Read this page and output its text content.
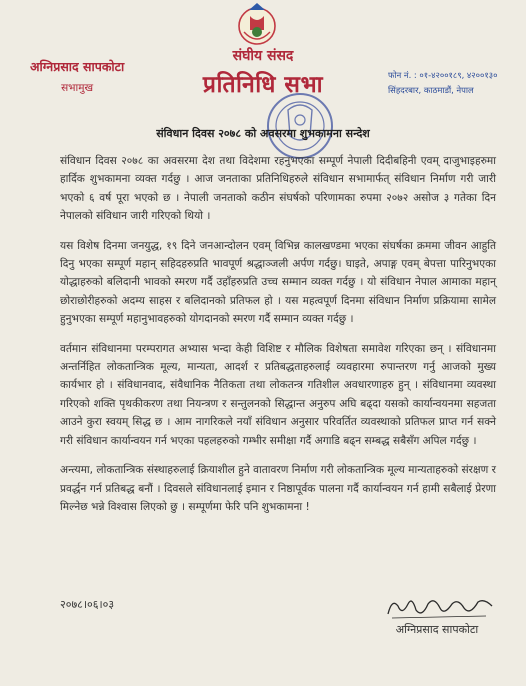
अग्निप्रसाद सापकोटा
सभामुख
संघीय संसद
प्रतिनिधि सभा	फोन नं. : ०१-४२००१८९, ४२००१३०
सिंहदरबार, काठमाडौं, नेपाल
संविधान दिवस २०७८ को अवसरमा शुभकामना सन्देश

संविधान दिवस २०७८ का अवसरमा देश तथा विदेशमा रहनुभएका सम्पूर्ण नेपाली दिदीबहिनी एवम् दाजुभाइहरुमा हार्दिक शुभकामना व्यक्त गर्दछु । आज जनताका प्रतिनिधिहरुले संविधान सभामार्फत् संविधान निर्माण गरी जारी भएको ६ वर्ष पूरा भएको छ । नेपाली जनताको कठीन संघर्षको परिणामका रुपमा २०७२ असोज ३ गतेका दिन नेपालको संविधान जारी गरिएको थियो ।

यस विशेष दिनमा जनयुद्ध, १९ दिने जनआन्दोलन एवम् विभिन्न कालखण्डमा भएका संघर्षका क्रममा जीवन आहुति दिनु भएका सम्पूर्ण महान् सहिदहरुप्रति भावपूर्ण श्रद्धाञ्जली अर्पण गर्दछु। घाइते, अपाङ्ग एवम् बेपत्ता पारिनुभएका योद्धाहरुको बलिदानी भावको स्मरण गर्दै उहाँहरुप्रति उच्च सम्मान व्यक्त गर्दछु । यो संविधान नेपाल आमाका महान् छोराछोरीहरुको अदम्य साहस र बलिदानको प्रतिफल हो । यस महत्वपूर्ण दिनमा संविधान निर्माण प्रक्रियामा सामेल हुनुभएका सम्पूर्ण महानुभावहरुको योगदानको स्मरण गर्दै सम्मान व्यक्त गर्दछु ।

वर्तमान संविधानमा परम्परागत अभ्यास भन्दा केही विशिष्ट र मौलिक विशेषता समावेश गरिएका छन् । संविधानमा अन्तर्निहित लोकतान्त्रिक मूल्य, मान्यता, आदर्श र प्रतिबद्धताहरुलाई व्यवहारमा रुपान्तरण गर्नु आजको मुख्य कार्यभार हो । संविधानवाद, संवैधानिक नैतिकता तथा लोकतन्त्र गतिशील अवधारणाहरु हुन् । संविधानमा व्यवस्था गरिएको शक्ति पृथकीकरण तथा नियन्त्रण र सन्तुलनको सिद्धान्त अनुरुप अघि बढ्दा यसको कार्यान्वयनमा सहजता आउने कुरा स्वयम् सिद्ध छ । आम नागरिकले नयाँ संविधान अनुसार परिवर्तित व्यवस्थाको प्रतिफल प्राप्त गर्न सक्ने गरी संविधान कार्यान्वयन गर्न भएका पहलहरुको गम्भीर समीक्षा गर्दै अगाडि बढ्न सम्बद्ध सबैसँग अपिल गर्दछु ।

अन्त्यमा, लोकतान्त्रिक संस्थाहरुलाई क्रियाशील हुने वातावरण निर्माण गरी लोकतान्त्रिक मूल्य मान्यताहरुको संरक्षण र प्रवर्द्धन गर्न प्रतिबद्ध बनौं । दिवसले संविधानलाई इमान र निष्ठापूर्वक पालना गर्दै कार्यान्वयन गर्न हामी सबैलाई प्रेरणा मिल्नेछ भन्ने विश्वास लिएको छु । सम्पूर्णमा फेरि पनि शुभकामना !

२०७८।०६।०३
अग्निप्रसाद सापकोटा
